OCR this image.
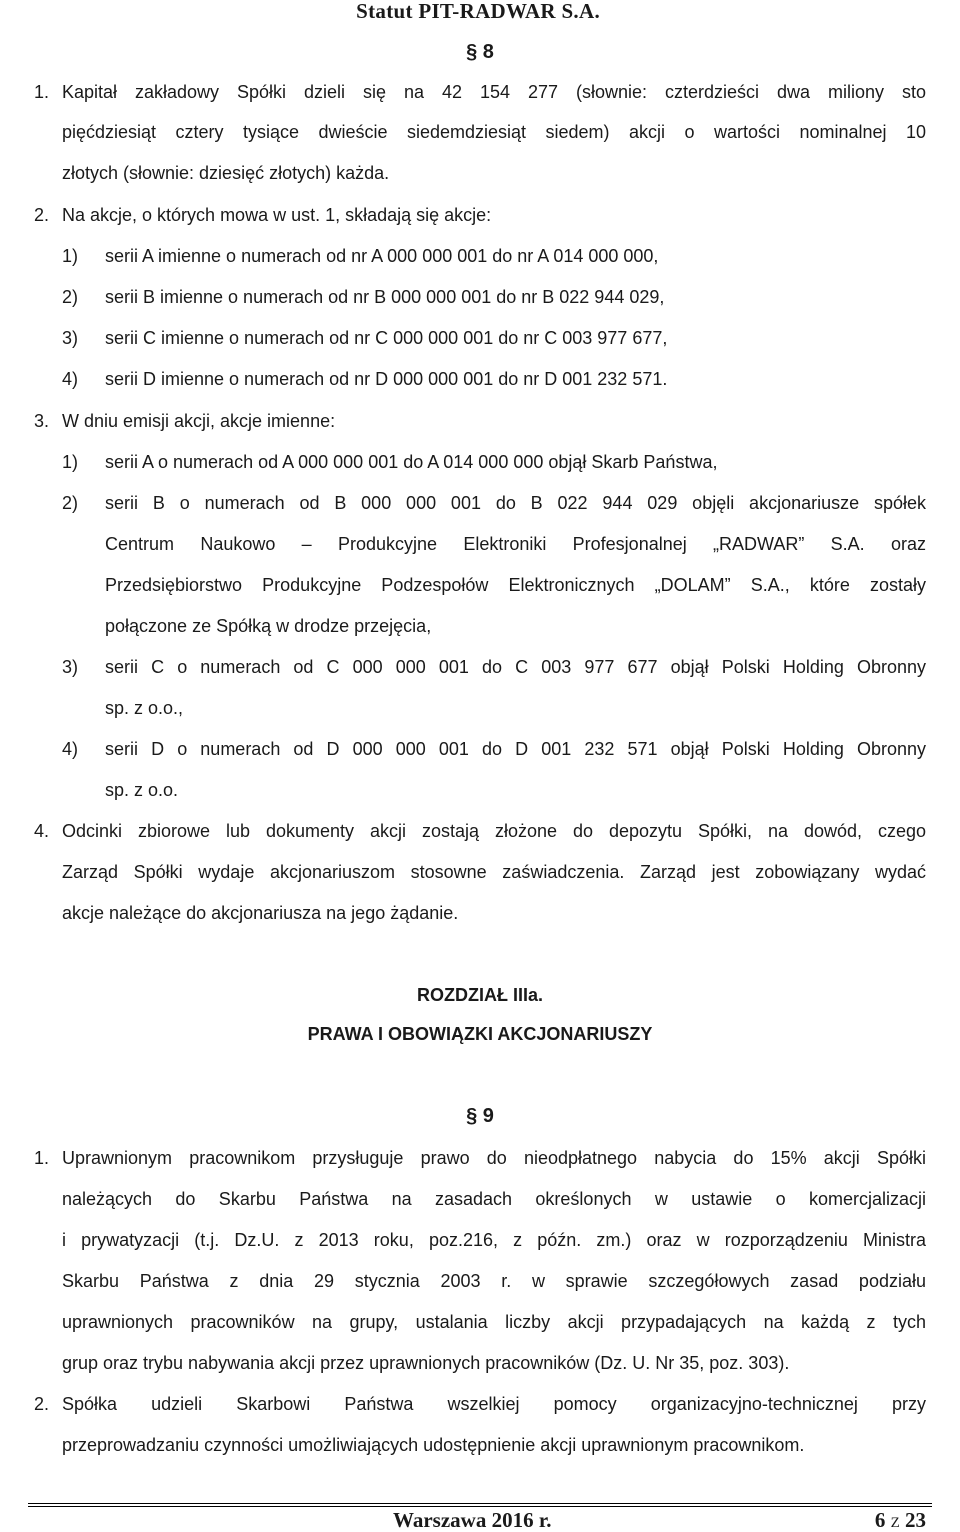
Statut PIT-RADWAR S.A.
§ 8
1. Kapitał zakładowy Spółki dzieli się na 42 154 277 (słownie: czterdzieści dwa miliony sto
pięćdziesiąt cztery tysiące dwieście siedemdziesiąt siedem) akcji o wartości nominalnej 10
złotych (słownie: dziesięć złotych) każda.
2. Na akcje, o których mowa w ust. 1, składają się akcje:
1) serii A imienne o numerach od nr A 000 000 001 do nr A 014 000 000,
2) serii B imienne o numerach od nr B 000 000 001 do nr B 022 944 029,
3) serii C imienne o numerach od nr C 000 000 001 do nr C 003 977 677,
4) serii D imienne o numerach od nr D 000 000 001 do nr D 001 232 571.
3. W dniu emisji akcji, akcje imienne:
1) serii A o numerach od A 000 000 001 do A 014 000 000 objął Skarb Państwa,
2) serii B o numerach od B 000 000 001 do B 022 944 029 objęli akcjonariusze spółek
Centrum Naukowo – Produkcyjne Elektroniki Profesjonalnej „RADWAR” S.A. oraz
Przedsiębiorstwo Produkcyjne Podzespołów Elektronicznych „DOLAM” S.A., które zostały
połączone ze Spółką w drodze przejęcia,
3) serii C o numerach od C 000 000 001 do C 003 977 677 objął Polski Holding Obronny
sp. z o.o.,
4) serii D o numerach od D 000 000 001 do D 001 232 571 objął Polski Holding Obronny
sp. z o.o.
4. Odcinki zbiorowe lub dokumenty akcji zostają złożone do depozytu Spółki, na dowód, czego
Zarząd Spółki wydaje akcjonariuszom stosowne zaświadczenia. Zarząd jest zobowiązany wydać
akcje należące do akcjonariusza na jego żądanie.
ROZDZIAŁ IIIa.
PRAWA I OBOWIĄZKI AKCJONARIUSZY
§ 9
1. Uprawnionym pracownikom przysługuje prawo do nieodpłatnego nabycia do 15% akcji Spółki
należących do Skarbu Państwa na zasadach określonych w ustawie o komercjalizacji
i prywatyzacji (t.j. Dz.U. z 2013 roku, poz.216, z późn. zm.) oraz w rozporządzeniu Ministra
Skarbu Państwa z dnia 29 stycznia 2003 r. w sprawie szczegółowych zasad podziału
uprawnionych pracowników na grupy, ustalania liczby akcji przypadających na każdą z tych
grup oraz trybu nabywania akcji przez uprawnionych pracowników (Dz. U. Nr 35, poz. 303).
2. Spółka udzieli Skarbowi Państwa wszelkiej pomocy organizacyjno-technicznej przy
przeprowadzaniu czynności umożliwiających udostępnienie akcji uprawnionym pracownikom.
Warszawa 2016 r.	6 z 23
